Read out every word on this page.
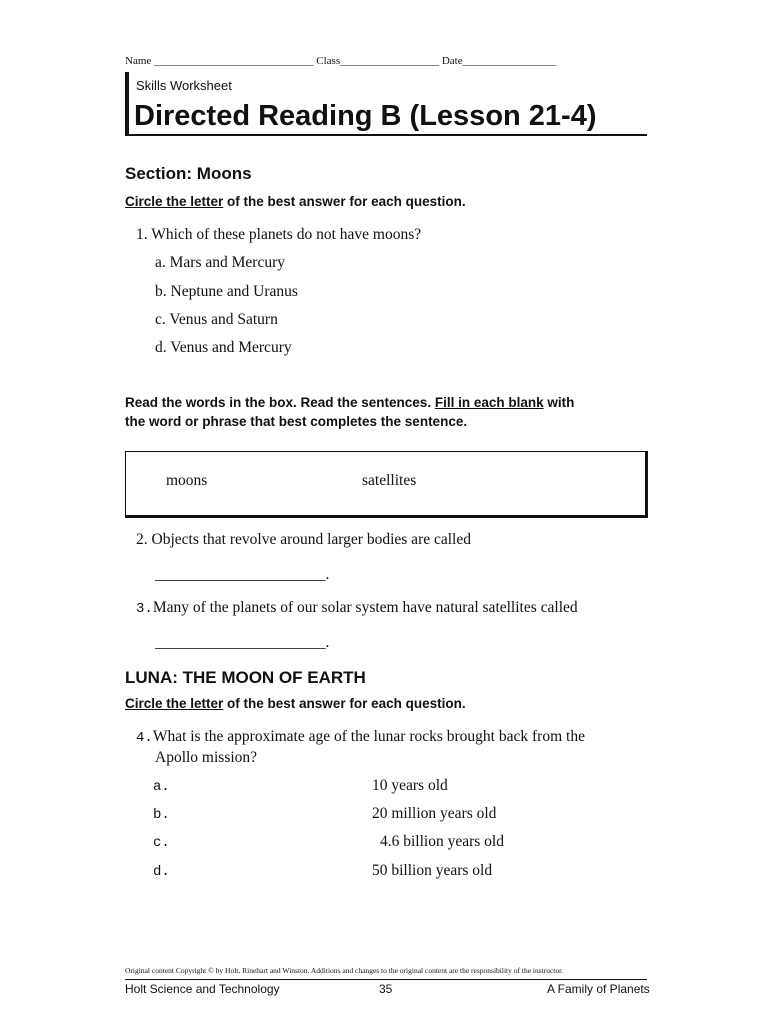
Name _____________________________ Class__________________ Date_________________
Skills Worksheet
Directed Reading B (Lesson 21-4)
Section: Moons
Circle the letter of the best answer for each question.
1. Which of these planets do not have moons?
a. Mars and Mercury
b. Neptune and Uranus
c. Venus and Saturn
d. Venus and Mercury
Read the words in the box. Read the sentences. Fill in each blank with
the word or phrase that best completes the sentence.
moons	satellites
2. Objects that revolve around larger bodies are called
______________________.
3.Many of the planets of our solar system have natural satellites called
______________________.
LUNA: THE MOON OF EARTH
Circle the letter of the best answer for each question.
4.What is the approximate age of the lunar rocks brought back from the
Apollo mission?
a.	10 years old
b.	20 million years old
c.	4.6 billion years old
d.	50 billion years old
Original content Copyright © by Holt, Rinehart and Winston. Additions and changes to the original content are the responsibility of the instructor.
Holt Science and Technology	35	A Family of Planets
